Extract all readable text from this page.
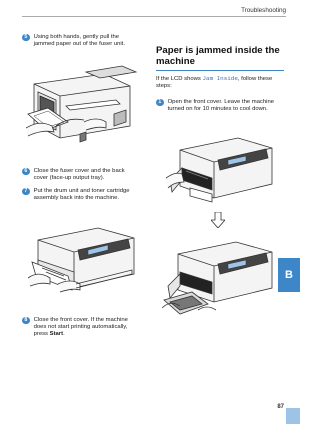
Troubleshooting
5	Using both hands, gently pull the jammed paper out of the fuser unit.
6	Close the fuser cover and the back cover (face-up output tray).
7	Put the drum unit and toner cartridge assembly back into the machine.
8	Close the front cover. If the machine does not start printing automatically, press Start.
Paper is jammed inside the machine
If the LCD shows Jam Inside, follow these steps:
1	Open the front cover. Leave the machine turned on for 10 minutes to cool down.
B
87
